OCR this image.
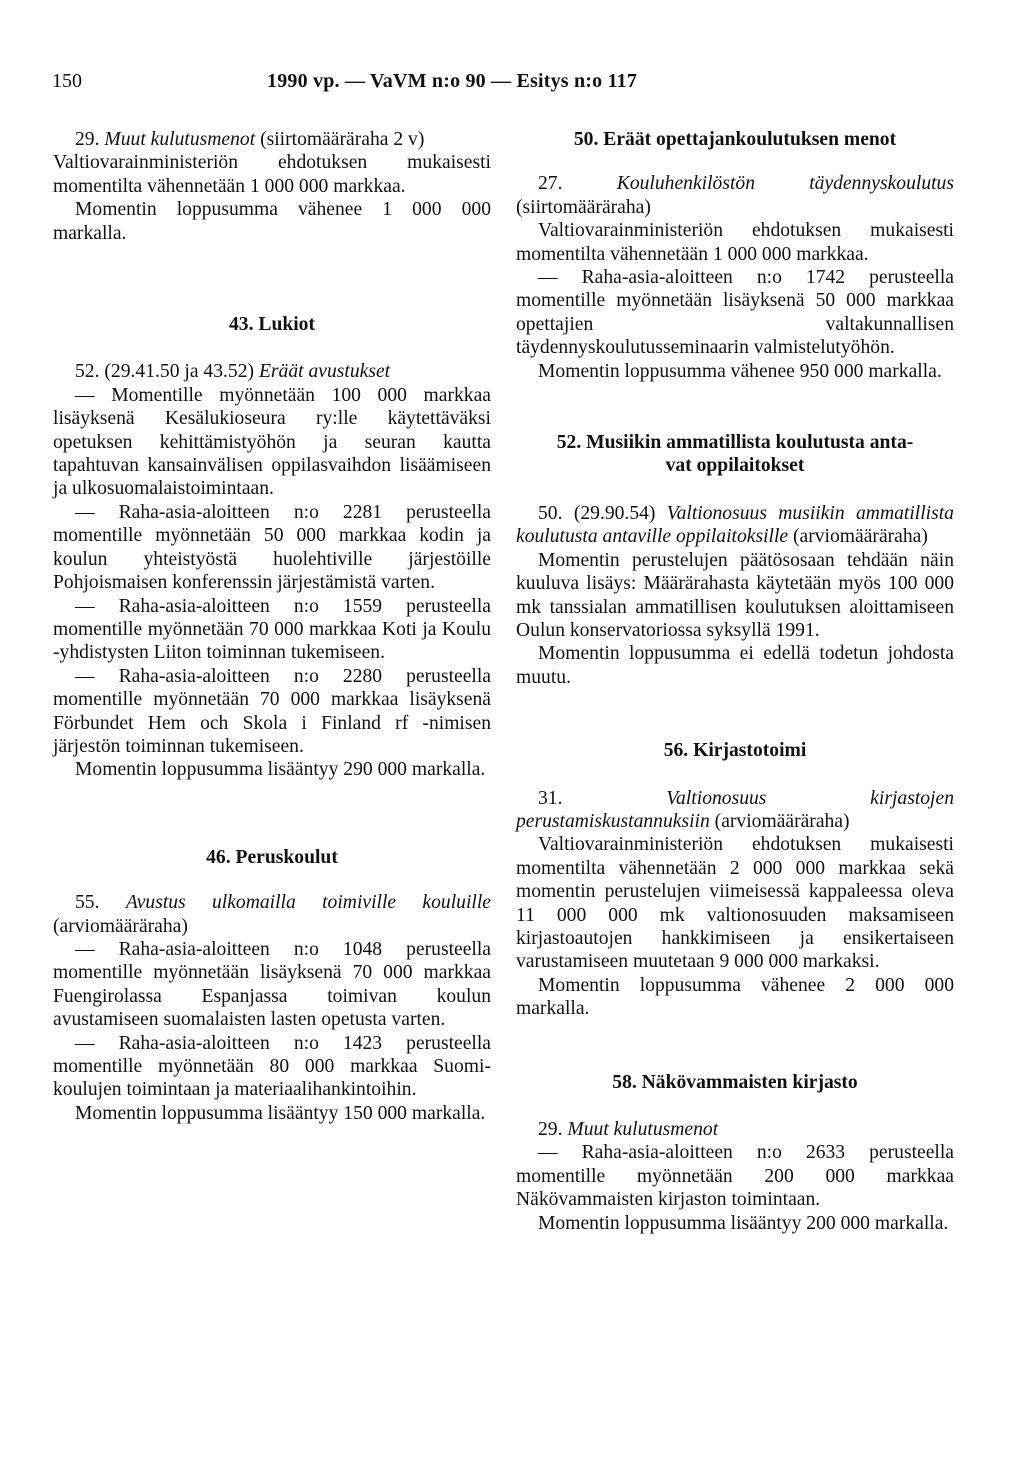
150	1990 vp. — VaVM n:o 90 — Esitys n:o 117

29. Muut kulutusmenot (siirtomääräraha 2 v)

Valtiovarainministeriön ehdotuksen mukaisesti momentilta vähennetään 1 000 000 markkaa.

Momentin loppusumma vähenee 1 000 000 markalla.

43. Lukiot

52. (29.41.50 ja 43.52) Eräät avustukset

— Momentille myönnetään 100 000 markkaa lisäyksenä Kesälukioseura ry:lle käytettäväksi opetuksen kehittämistyöhön ja seuran kautta tapahtuvan kansainvälisen oppilasvaihdon lisäämiseen ja ulkosuomalaistoimintaan.

— Raha-asia-aloitteen n:o 2281 perusteella momentille myönnetään 50 000 markkaa kodin ja koulun yhteistyöstä huolehtiville järjestöille Pohjoismaisen konferenssin järjestämistä varten.

— Raha-asia-aloitteen n:o 1559 perusteella momentille myönnetään 70 000 markkaa Koti ja Koulu -yhdistysten Liiton toiminnan tukemiseen.

— Raha-asia-aloitteen n:o 2280 perusteella momentille myönnetään 70 000 markkaa lisäyksenä Förbundet Hem och Skola i Finland rf -nimisen järjestön toiminnan tukemiseen.

Momentin loppusumma lisääntyy 290 000 markalla.

46. Peruskoulut

55. Avustus ulkomailla toimiville kouluille (arviomääräraha)

— Raha-asia-aloitteen n:o 1048 perusteella momentille myönnetään lisäyksenä 70 000 markkaa Fuengirolassa Espanjassa toimivan koulun avustamiseen suomalaisten lasten opetusta varten.

— Raha-asia-aloitteen n:o 1423 perusteella momentille myönnetään 80 000 markkaa Suomi-koulujen toimintaan ja materiaalihankintoihin.

Momentin loppusumma lisääntyy 150 000 markalla.

50. Eräät opettajankoulutuksen menot

27.	Kouluhenkilöstön täydennyskoulutus (siirtomääräraha)

Valtiovarainministeriön ehdotuksen mukaisesti momentilta vähennetään 1 000 000 markkaa.

— Raha-asia-aloitteen n:o 1742 perusteella momentille myönnetään lisäyksenä 50 000 markkaa opettajien valtakunnallisen täydennyskoulutusseminaarin valmistelutyöhön.

Momentin loppusumma vähenee 950 000 markalla.

52. Musiikin ammatillista koulutusta anta-
vat oppilaitokset

50. (29.90.54) Valtionosuus musiikin ammatillista koulutusta antaville oppilaitoksille (arviomääräraha)

Momentin perustelujen päätösosaan tehdään näin kuuluva lisäys: Määrärahasta käytetään myös 100 000 mk tanssialan ammatillisen koulutuksen aloittamiseen Oulun konservatoriossa syksyllä 1991.

Momentin loppusumma ei edellä todetun johdosta muutu.

56. Kirjastotoimi

31.	Valtionosuus kirjastojen perustamiskustannuksiin (arviomääräraha)

Valtiovarainministeriön ehdotuksen mukaisesti momentilta vähennetään 2 000 000 markkaa sekä momentin perustelujen viimeisessä kappaleessa oleva 11 000 000 mk valtionosuuden maksamiseen kirjastoautojen hankkimiseen ja ensikertaiseen varustamiseen muutetaan 9 000 000 markaksi.

Momentin loppusumma vähenee 2 000 000 markalla.

58. Näkövammaisten kirjasto

29. Muut kulutusmenot

— Raha-asia-aloitteen n:o 2633 perusteella momentille myönnetään 200 000 markkaa Näkövammaisten kirjaston toimintaan.

Momentin loppusumma lisääntyy 200 000 markalla.
